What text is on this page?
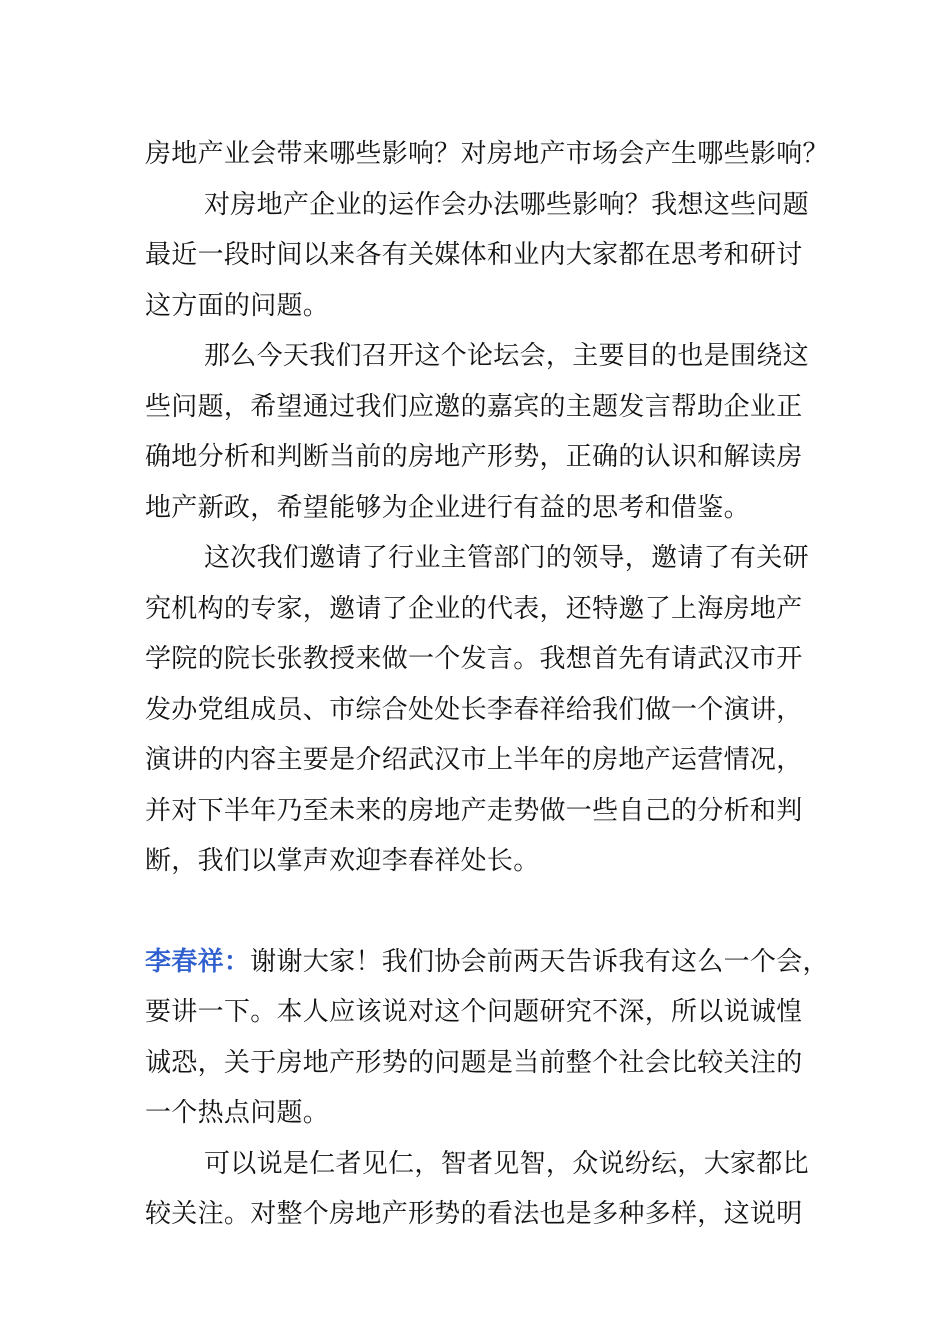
房地产业会带来哪些影响？对房地产市场会产生哪些影响？

对房地产企业的运作会办法哪些影响？我想这些问题

最近一段时间以来各有关媒体和业内大家都在思考和研讨

这方面的问题。

那么今天我们召开这个论坛会，主要目的也是围绕这

些问题，希望通过我们应邀的嘉宾的主题发言帮助企业正

确地分析和判断当前的房地产形势，正确的认识和解读房

地产新政，希望能够为企业进行有益的思考和借鉴。

这次我们邀请了行业主管部门的领导，邀请了有关研

究机构的专家，邀请了企业的代表，还特邀了上海房地产

学院的院长张教授来做一个发言。我想首先有请武汉市开

发办党组成员、市综合处处长李春祥给我们做一个演讲，

演讲的内容主要是介绍武汉市上半年的房地产运营情况，

并对下半年乃至未来的房地产走势做一些自己的分析和判

断，我们以掌声欢迎李春祥处长。

李春祥：谢谢大家！我们协会前两天告诉我有这么一个会，

要讲一下。本人应该说对这个问题研究不深，所以说诚惶

诚恐，关于房地产形势的问题是当前整个社会比较关注的

一个热点问题。

可以说是仁者见仁，智者见智，众说纷纭，大家都比

较关注。对整个房地产形势的看法也是多种多样，这说明
